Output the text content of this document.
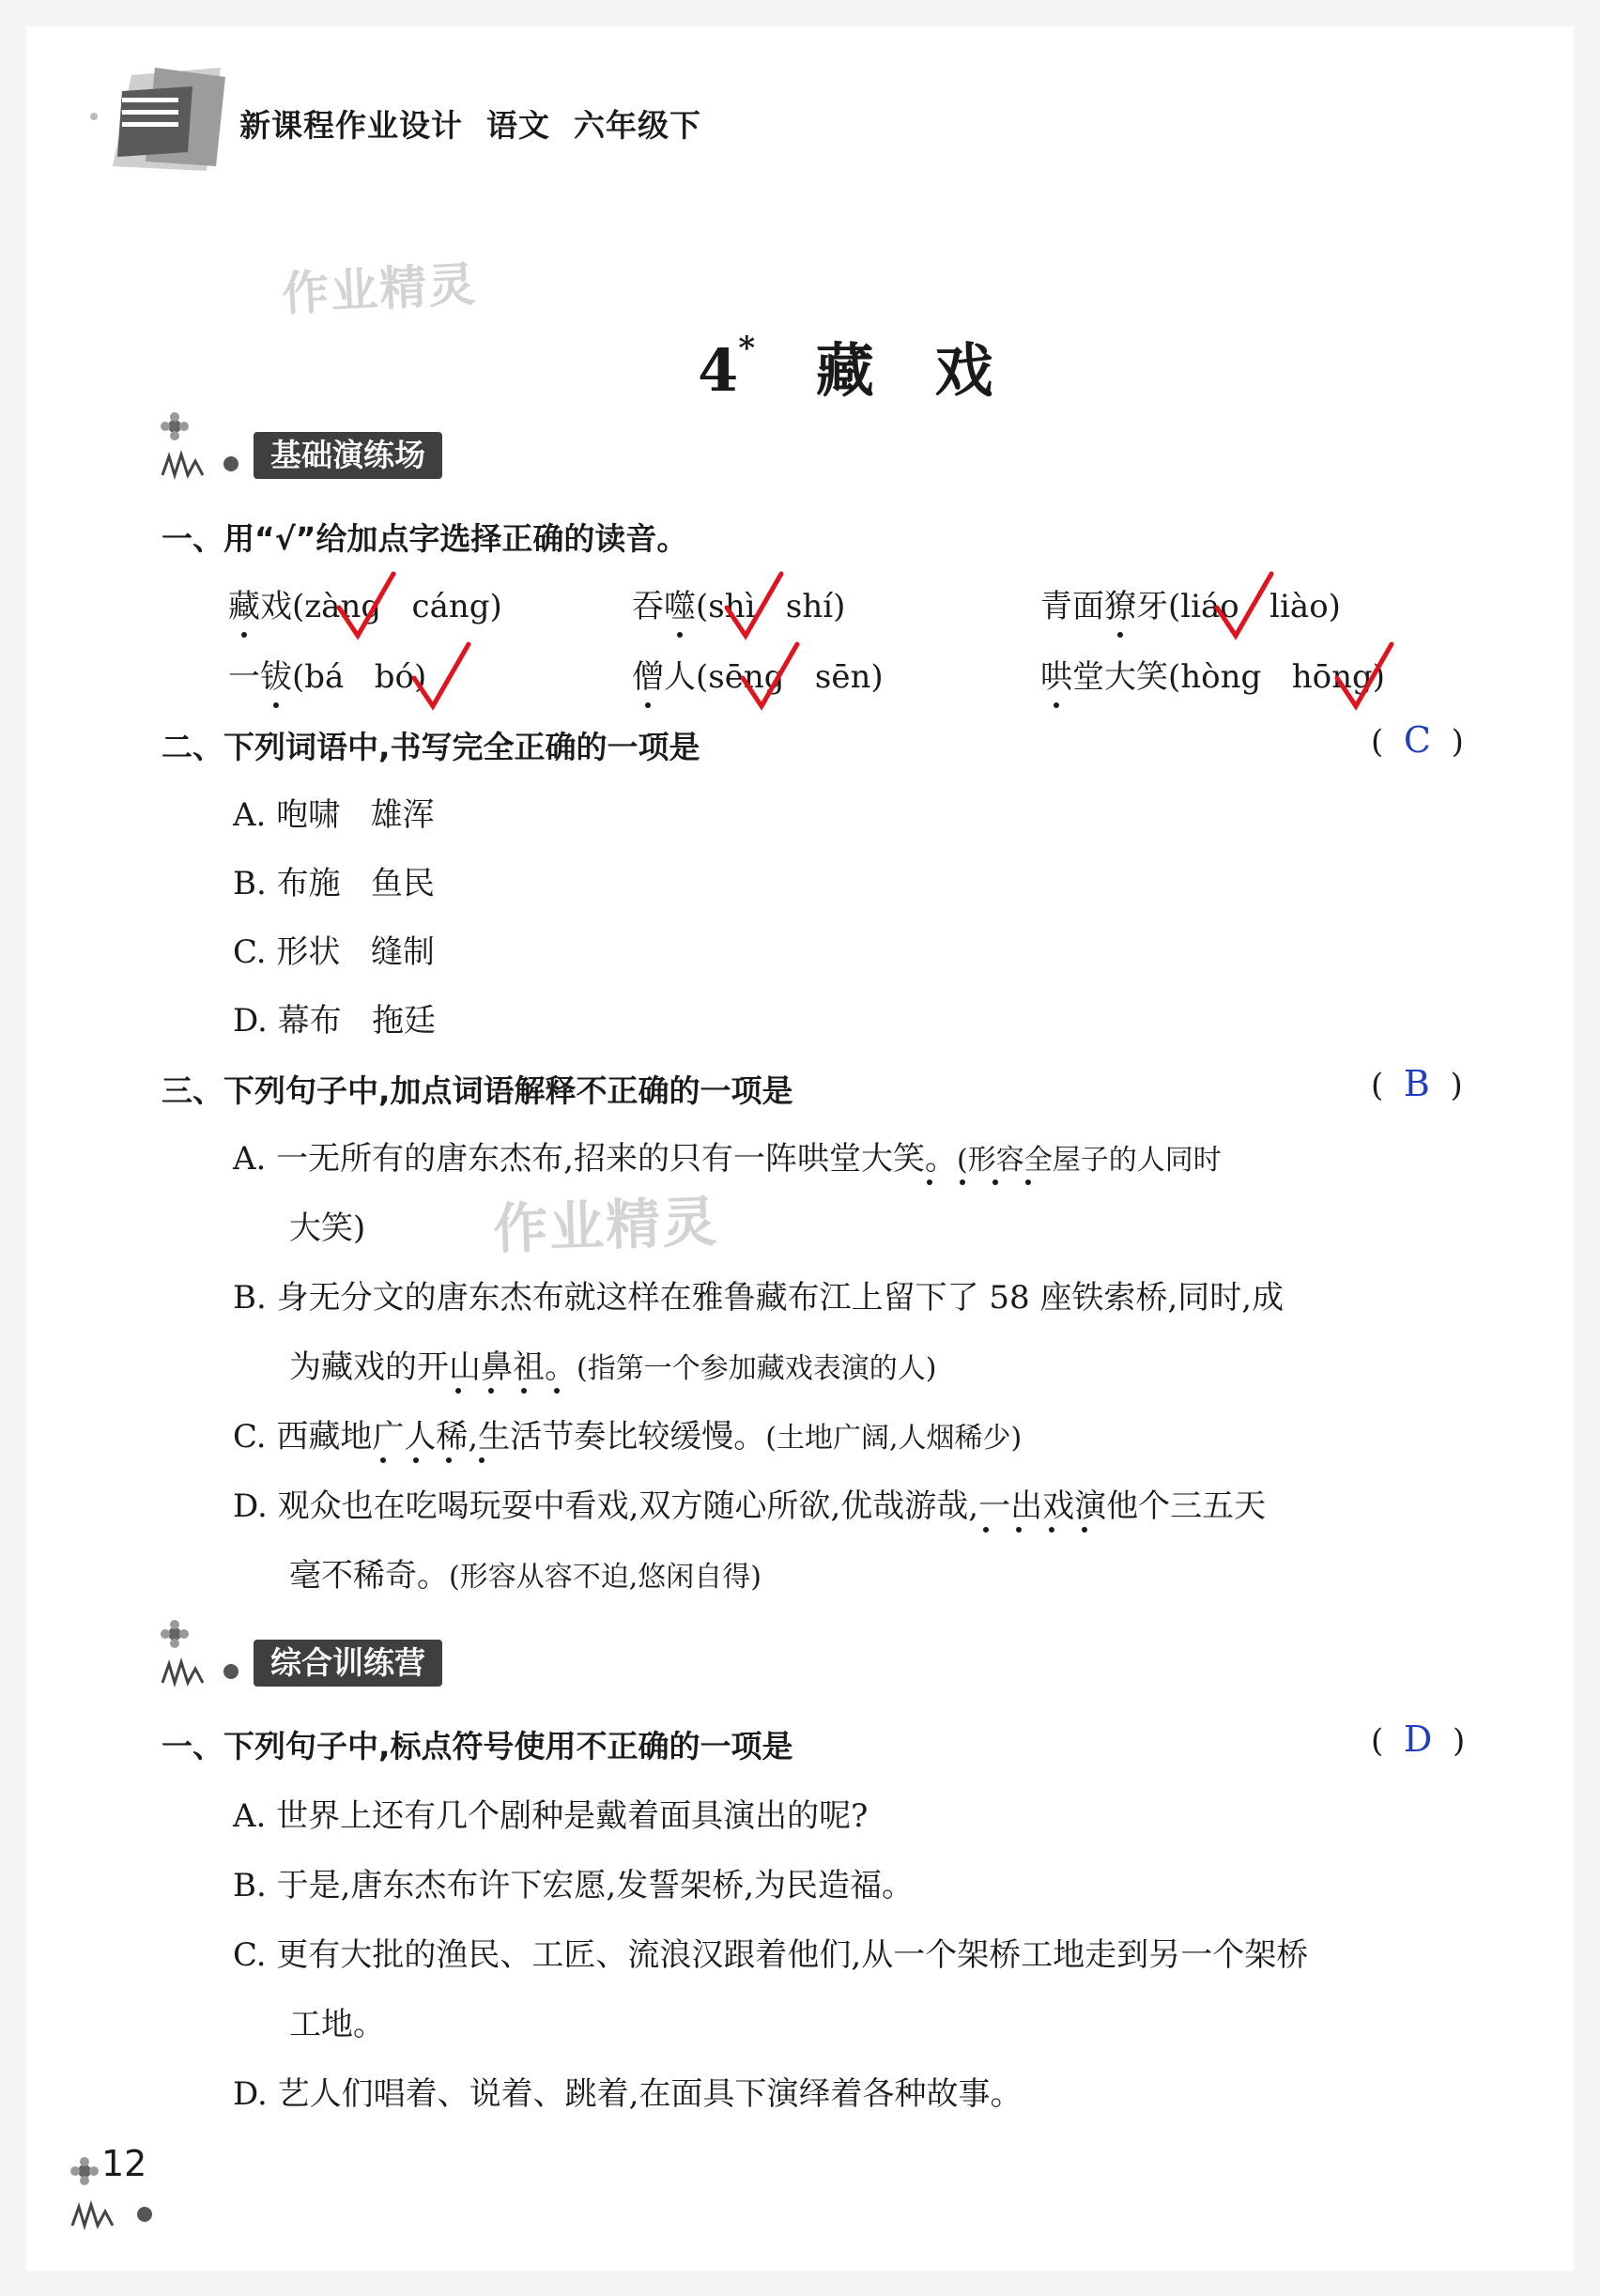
新课程作业设计  语文  六年级下
作业精灵

4* 藏   戏

基础演练场
一、用“√”给加点字选择正确的读音。
藏戏(zàng   cáng)	吞噬(shì   shí)	青面獠牙(liáo   liào)
一钹(bá   bó)	僧人(sēng   sēn)	哄堂大笑(hòng   hōng)
二、下列词语中,书写完全正确的一项是	(  C  )
A. 咆啸   雄浑
B. 布施   鱼民
C. 形状   缝制
D. 幕布   拖廷
三、下列句子中,加点词语解释不正确的一项是	(  B  )
A. 一无所有的唐东杰布,招来的只有一阵哄堂大笑。(形容全屋子的人同时
大笑) 作业精灵
B. 身无分文的唐东杰布就这样在雅鲁藏布江上留下了 58 座铁索桥,同时,成
为藏戏的开山鼻祖。(指第一个参加藏戏表演的人)
C. 西藏地广人稀,生活节奏比较缓慢。(土地广阔,人烟稀少)
D. 观众也在吃喝玩耍中看戏,双方随心所欲,优哉游哉,一出戏演他个三五天
毫不稀奇。(形容从容不迫,悠闲自得)
综合训练营
一、下列句子中,标点符号使用不正确的一项是	(  D  )
A. 世界上还有几个剧种是戴着面具演出的呢?
B. 于是,唐东杰布许下宏愿,发誓架桥,为民造福。
C. 更有大批的渔民、工匠、流浪汉跟着他们,从一个架桥工地走到另一个架桥
工地。
D. 艺人们唱着、说着、跳着,在面具下演绎着各种故事。
12
